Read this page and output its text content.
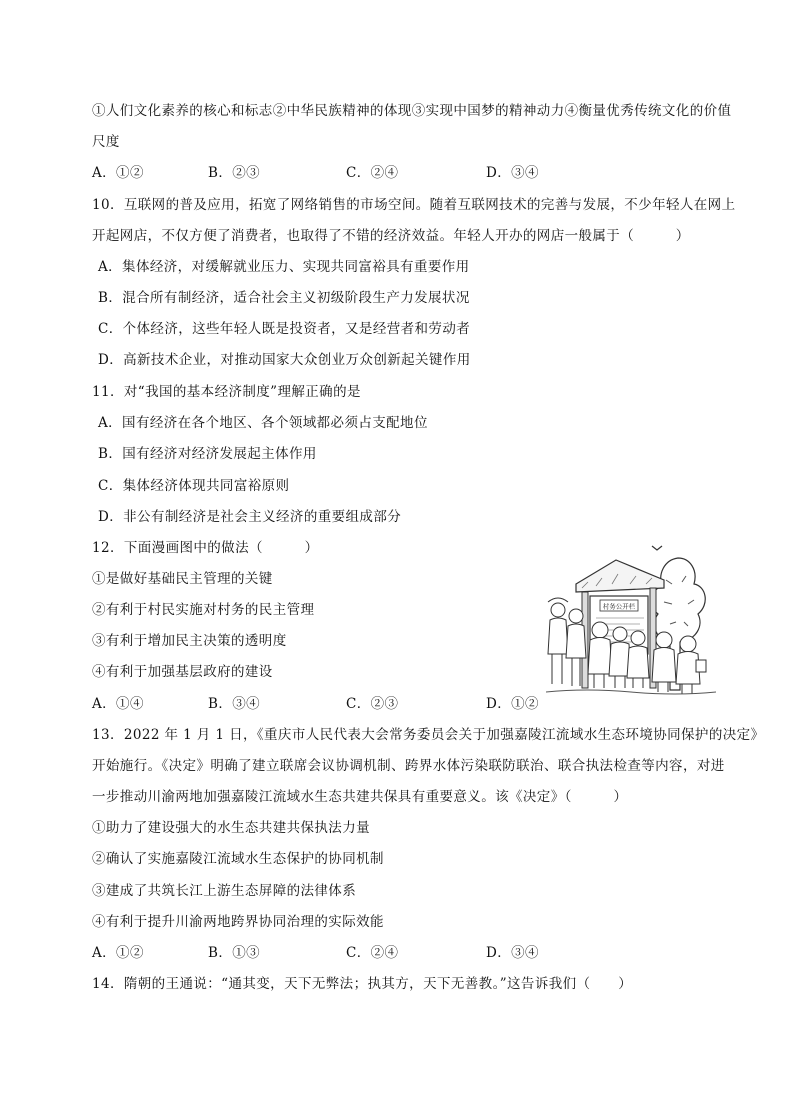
①人们文化素养的核心和标志②中华民族精神的体现③实现中国梦的精神动力④衡量优秀传统文化的价值
尺度
A．①②	B．②③	C．②④	D．③④
10．互联网的普及应用，拓宽了网络销售的市场空间。随着互联网技术的完善与发展，不少年轻人在网上
开起网店，不仅方便了消费者，也取得了不错的经济效益。年轻人开办的网店一般属于（　　　）
A．集体经济，对缓解就业压力、实现共同富裕具有重要作用
B．混合所有制经济，适合社会主义初级阶段生产力发展状况
C．个体经济，这些年轻人既是投资者，又是经营者和劳动者
D．高新技术企业，对推动国家大众创业万众创新起关键作用
11．对“我国的基本经济制度”理解正确的是
A．国有经济在各个地区、各个领域都必须占支配地位
B．国有经济对经济发展起主体作用
C．集体经济体现共同富裕原则
D．非公有制经济是社会主义经济的重要组成部分
12．下面漫画图中的做法（　　　）
①是做好基础民主管理的关键
②有利于村民实施对村务的民主管理
③有利于增加民主决策的透明度
④有利于加强基层政府的建设
A．①④	B．③④	C．②③	D．①②
村务公开栏
13．2022 年 1 月 1 日，《重庆市人民代表大会常务委员会关于加强嘉陵江流域水生态环境协同保护的决定》
开始施行。《决定》明确了建立联席会议协调机制、跨界水体污染联防联治、联合执法检查等内容，对进
一步推动川渝两地加强嘉陵江流域水生态共建共保具有重要意义。该《决定》（　　　）
①助力了建设强大的水生态共建共保执法力量
②确认了实施嘉陵江流域水生态保护的协同机制
③建成了共筑长江上游生态屏障的法律体系
④有利于提升川渝两地跨界协同治理的实际效能
A．①②	B．①③	C．②④	D．③④
14．隋朝的王通说：“通其变，天下无弊法；执其方，天下无善教。”这告诉我们（　　）
